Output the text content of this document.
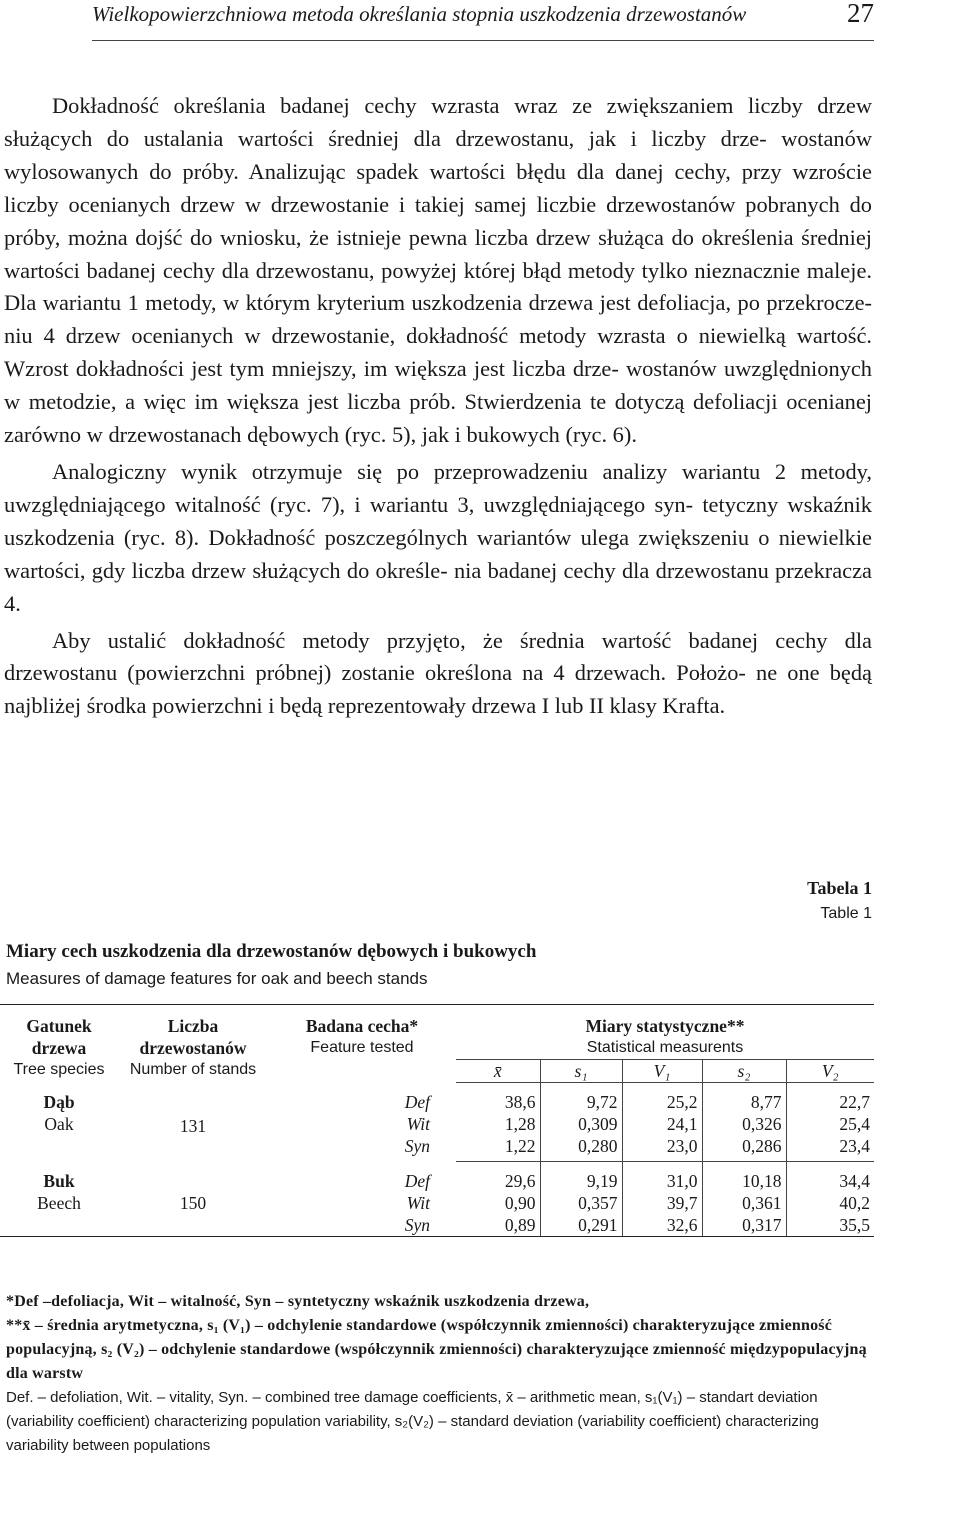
Wielkopowierzchniowa metoda określania stopnia uszkodzenia drzewostanów	27

Dokładność określania badanej cechy wzrasta wraz ze zwiększaniem liczby drzew służących do ustalania wartości średniej dla drzewostanu, jak i liczby drze- wostanów wylosowanych do próby. Analizując spadek wartości błędu dla danej cechy, przy wzroście liczby ocenianych drzew w drzewostanie i takiej samej liczbie drzewostanów pobranych do próby, można dojść do wniosku, że istnieje pewna liczba drzew służąca do określenia średniej wartości badanej cechy dla drzewostanu, powyżej której błąd metody tylko nieznacznie maleje. Dla wariantu 1 metody, w którym kryterium uszkodzenia drzewa jest defoliacja, po przekrocze- niu 4 drzew ocenianych w drzewostanie, dokładność metody wzrasta o niewielką wartość. Wzrost dokładności jest tym mniejszy, im większa jest liczba drze- wostanów uwzględnionych w metodzie, a więc im większa jest liczba prób. Stwierdzenia te dotyczą defoliacji ocenianej zarówno w drzewostanach dębowych (ryc. 5), jak i bukowych (ryc. 6).

Analogiczny wynik otrzymuje się po przeprowadzeniu analizy wariantu 2 metody, uwzględniającego witalność (ryc. 7), i wariantu 3, uwzględniającego syn- tetyczny wskaźnik uszkodzenia (ryc. 8). Dokładność poszczególnych wariantów ulega zwiększeniu o niewielkie wartości, gdy liczba drzew służących do określe- nia badanej cechy dla drzewostanu przekracza 4.

Aby ustalić dokładność metody przyjęto, że średnia wartość badanej cechy dla drzewostanu (powierzchni próbnej) zostanie określona na 4 drzewach. Położo- ne one będą najbliżej środka powierzchni i będą reprezentowały drzewa I lub II klasy Krafta.

Tabela 1
Table 1
Miary cech uszkodzenia dla drzewostanów dębowych i bukowych
Measures of damage features for oak and beech stands
Gatunek drzewa
Tree species	Liczba drzewostanów
Number of stands	Badana cecha*
Feature tested	Miary statystyczne**
Statistical measurents				

			x̄	s₁	V₁	s₂	V₂

Dąb
Oak	131	Def	38,6	9,72	25,2	8,77	22,7
		Wit	1,28	0,309	24,1	0,326	25,4
		Syn	1,22	0,280	23,0	0,286	23,4

Buk
Beech	150	Def	29,6	9,19	31,0	10,18	34,4
		Wit	0,90	0,357	39,7	0,361	40,2
		Syn	0,89	0,291	32,6	0,317	35,5

*Def –defoliacja, Wit – witalność, Syn – syntetyczny wskaźnik uszkodzenia drzewa,

**x̄ – średnia arytmetyczna, s₁ (V₁) – odchylenie standardowe (współczynnik zmienności) charakteryzujące zmienność populacyjną, s₂ (V₂) – odchylenie standardowe (współczynnik zmienności) charakteryzujące zmienność międzypopulacyjną dla warstw

Def. – defoliation, Wit. – vitality, Syn. – combined tree damage coefficients, x̄ – arithmetic mean, s₁(V₁) – standart deviation (variability coefficient) characterizing population variability, s₂(V₂) – standard deviation (variability coefficient) characterizing variability between populations
